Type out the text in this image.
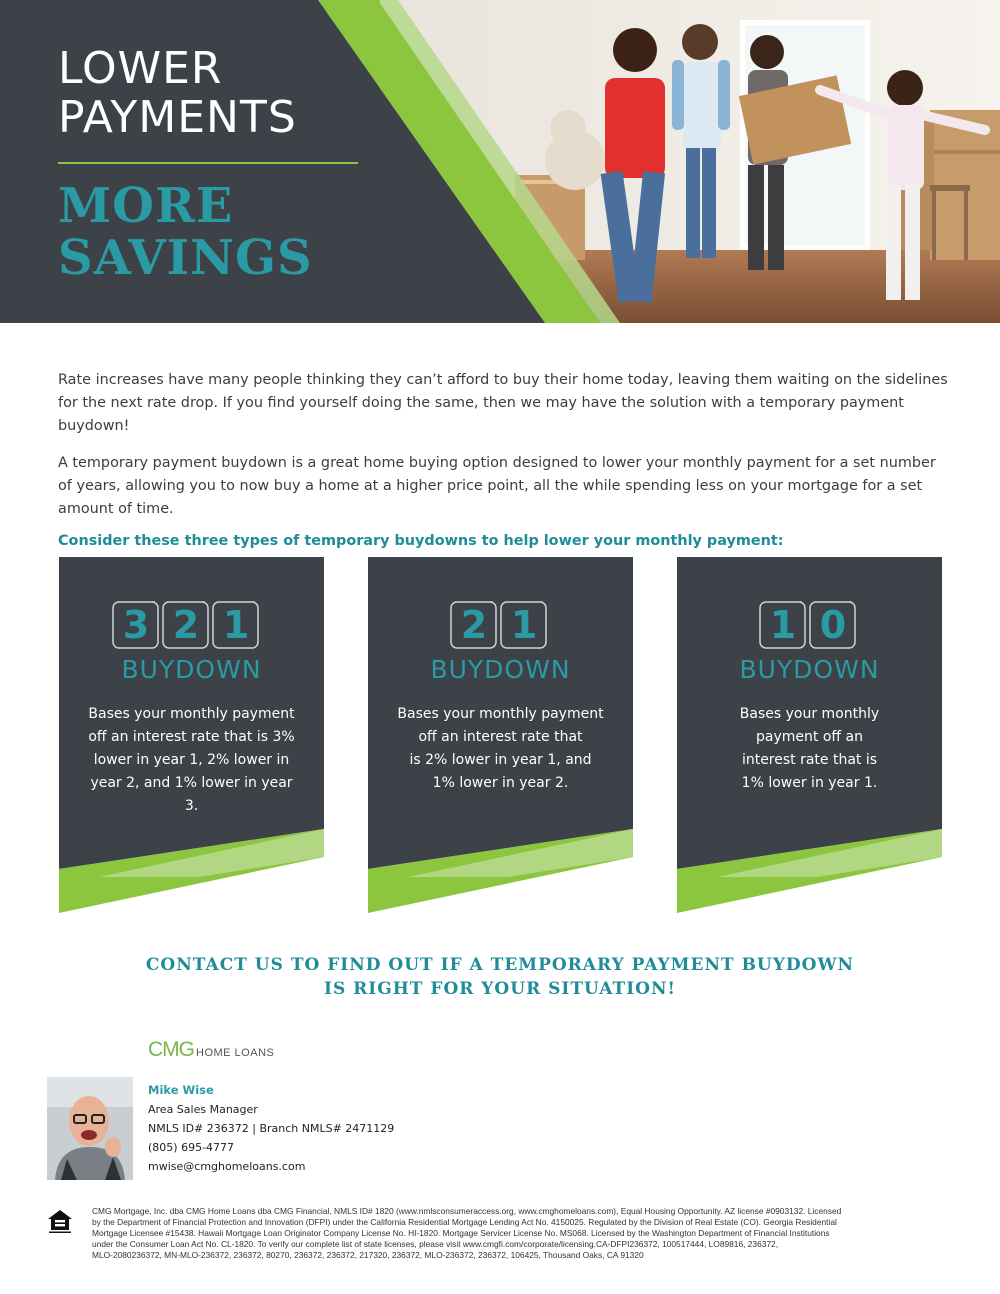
LOWER
PAYMENTS
MORE
SAVINGS

Rate increases have many people thinking they can’t afford to buy their home today, leaving them waiting on the sidelines for the next rate drop. If you find yourself doing the same, then we may have the solution with a temporary payment buydown!

A temporary payment buydown is a great home buying option designed to lower your monthly payment for a set number of years, allowing you to now buy a home at a higher price point, all the while spending less on your mortgage for a set amount of time.

Consider these three types of temporary buydowns to help lower your monthly payment:

3 2 1
BUYDOWN
Bases your monthly payment
off an interest rate that is 3%
lower in year 1, 2% lower in
year 2, and 1% lower in year 3.
2 1
BUYDOWN
Bases your monthly payment
off an interest rate that
is 2% lower in year 1, and
1% lower in year 2.
1 0
BUYDOWN
Bases your monthly
payment off an
interest rate that is
1% lower in year 1.
CONTACT US TO FIND OUT IF A TEMPORARY PAYMENT BUYDOWN
IS RIGHT FOR YOUR SITUATION!
CMG HOME LOANS
Mike Wise
Area Sales Manager
NMLS ID# 236372 | Branch NMLS# 2471129
(805) 695-4777
mwise@cmghomeloans.com
CMG Mortgage, Inc. dba CMG Home Loans dba CMG Financial, NMLS ID# 1820 (www.nmlsconsumeraccess.org, www.cmghomeloans.com), Equal Housing Opportunity. AZ license #0903132. Licensed
by the Department of Financial Protection and Innovation (DFPI) under the California Residential Mortgage Lending Act No. 4150025. Regulated by the Division of Real Estate (CO). Georgia Residential
Mortgage Licensee #15438. Hawaii Mortgage Loan Originator Company License No. HI-1820. Mortgage Servicer License No. MS068. Licensed by the Washington Department of Financial Institutions
under the Consumer Loan Act No. CL-1820. To verify our complete list of state licenses, please visit www.cmgfi.com/corporate/licensing.CA-DFPI236372, 100517444, LO89816, 236372,
MLO-2080236372, MN-MLO-236372, 236372, 80270, 236372, 236372, 217320, 236372, MLO-236372, 236372, 106425, Thousand Oaks, CA 91320
